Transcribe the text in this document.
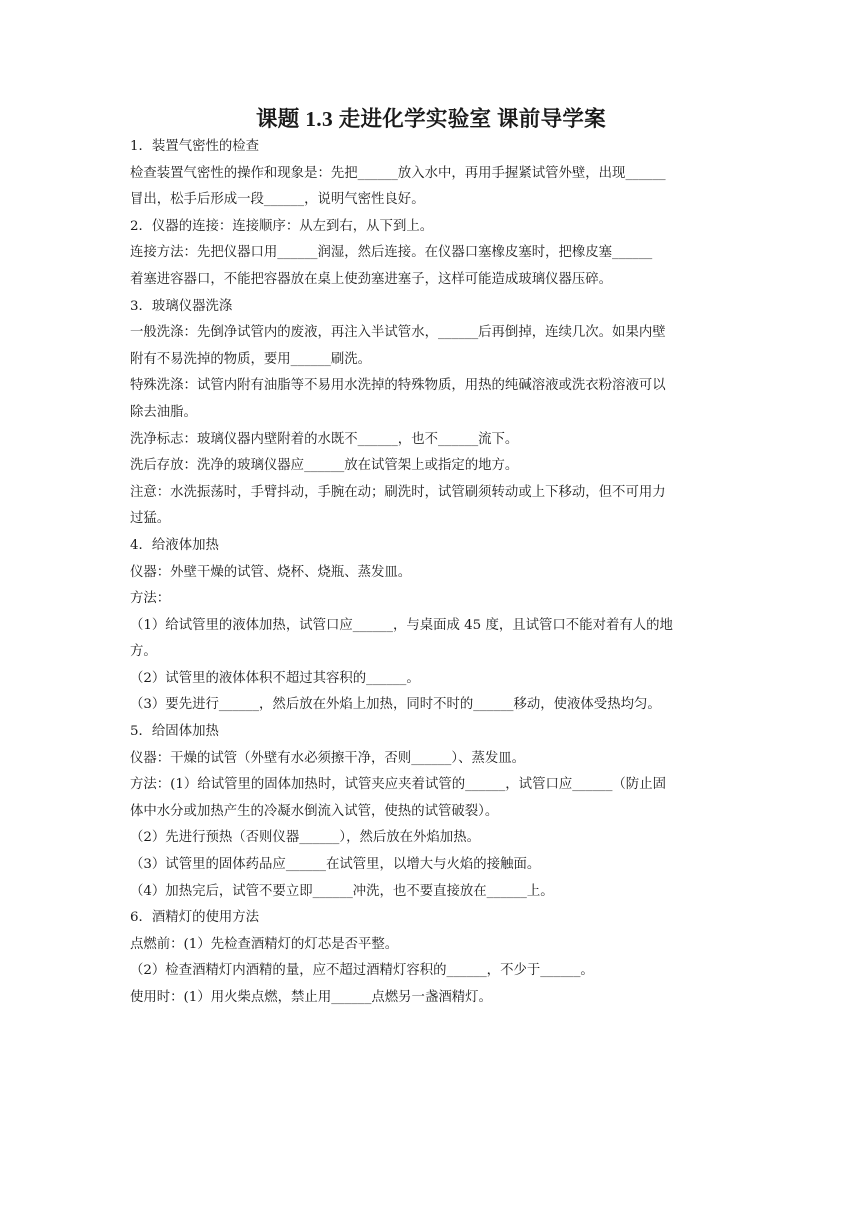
课题 1.3 走进化学实验室 课前导学案
1．装置气密性的检查
检查装置气密性的操作和现象是：先把______放入水中，再用手握紧试管外壁，出现______
冒出，松手后形成一段______，说明气密性良好。
2．仪器的连接：连接顺序：从左到右，从下到上。
连接方法：先把仪器口用______润湿，然后连接。在仪器口塞橡皮塞时，把橡皮塞______
着塞进容器口，不能把容器放在桌上使劲塞进塞子，这样可能造成玻璃仪器压碎。
3．玻璃仪器洗涤
一般洗涤：先倒净试管内的废液，再注入半试管水，______后再倒掉，连续几次。如果内壁
附有不易洗掉的物质，要用______刷洗。
特殊洗涤：试管内附有油脂等不易用水洗掉的特殊物质，用热的纯碱溶液或洗衣粉溶液可以
除去油脂。
洗净标志：玻璃仪器内壁附着的水既不______，也不______流下。
洗后存放：洗净的玻璃仪器应______放在试管架上或指定的地方。
注意：水洗振荡时，手臂抖动，手腕在动；刷洗时，试管刷须转动或上下移动，但不可用力
过猛。
4．给液体加热
仪器：外壁干燥的试管、烧杯、烧瓶、蒸发皿。
方法：
（1）给试管里的液体加热，试管口应______，与桌面成 45 度，且试管口不能对着有人的地
方。
（2）试管里的液体体积不超过其容积的______。
（3）要先进行______，然后放在外焰上加热，同时不时的______移动，使液体受热均匀。
5．给固体加热
仪器：干燥的试管（外壁有水必须擦干净，否则______）、蒸发皿。
方法：(1）给试管里的固体加热时，试管夹应夹着试管的______，试管口应______（防止固
体中水分或加热产生的冷凝水倒流入试管，使热的试管破裂）。
（2）先进行预热（否则仪器______），然后放在外焰加热。
（3）试管里的固体药品应______在试管里，以增大与火焰的接触面。
（4）加热完后，试管不要立即______冲洗，也不要直接放在______上。
6．酒精灯的使用方法
点燃前：(1）先检查酒精灯的灯芯是否平整。
（2）检查酒精灯内酒精的量，应不超过酒精灯容积的______，不少于______。
使用时：(1）用火柴点燃，禁止用______点燃另一盏酒精灯。
